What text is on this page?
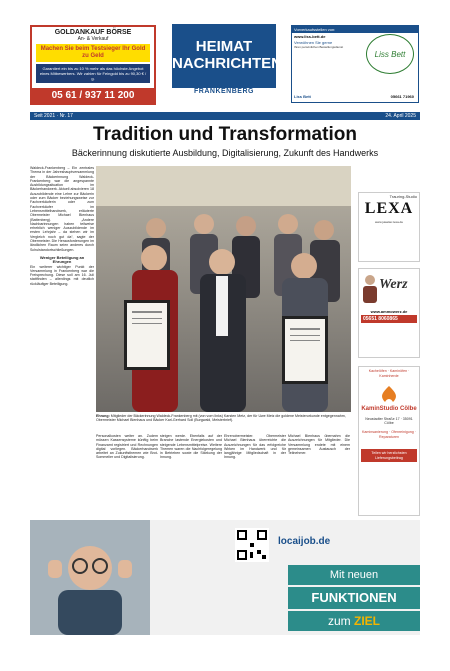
GOLDANKAUF BÖRSE
An- & Verkauf
Machen Sie beim Testsieger Ihr Gold zu Geld
Garantiert ein bis zu 10 % mehr als das höchste Angebot eines Mitbewerbers. Wir zahlen für Feingold bis zu 90,30 € / g.
05 61 / 937 11 200
HEIMAT
NACHRICHTEN
FRANKENBERG
Vorverkaufsstellen von:
www.liss-bett.de
Verwöhnen Sie gerne
Ihren persönlichen Bestellungsdienst
Liss Bett
Liss Bett	05661 71960
Seit 2021 · Nr. 17	24. April 2025
Tradition und Transformation
Bäckerinnung diskutierte Ausbildung, Digitalisierung, Zukunft des Handwerks

Waldeck-Frankenberg – Ein zentrales Thema in der Jahreshauptversammlung der Bäckerinnung Waldeck-Frankenberg war die angespannte Ausbildungssituation im Bäckerhandwerk. Aktuell absolvieren 18 Auszubildende eine Lehre zur Bäckerin oder zum Bäcker beziehungsweise zur Fachverkäuferin oder zum Fachverkäufer im Lebensmittelhandwerk, erläuterte Obermeister Michael Bienhaus (Battenberg). „Andere Nachbarinnungen haben teilweise erheblich weniger Auszubildende im ersten Lehrjahr – da stehen wir im Vergleich noch gut da“, sagte der Obermeister. Die Herausforderungen im ländlichen Raum seien anderes durch Schulstandortschließungen.

Weniger Beteiligung an Ehrungen

Ein weiterer wichtiger Punkt der Versammlung in Frankenberg war die Freisprechung. Diese soll am 16. Juli stattfinden – allerdings mit deutlich rückläufiger Beteiligung.

Ehrung: Mitglieder der Bäckerinnung Waldeck-Frankenberg mit (von vorn links) Karsten Metz, der für Uwe Metz die goldene Meisterurkunde entgegennahm, Obermeister Michael Bienhaus und Bäcker Karl-Gerhard Soll (Burgwald, Meisterbrief).
Personalkosten weiter an. Zudem müssen Kassensysteme künftig beim Finanzamt registriert und Rechnungen digital vorliegen. Bäckerhandwerk arbeitet an Zukunftsthemen wie Brot-Sommelier und Digitalisierung.
steigen werde. Ebenfalls auf der Branche lastende Energiekosten und steigende Lebensmittelpreise. Weitere Themen waren die Nachfolgeregelung in Betrieben sowie die Stärkung der Innung.
Ehrenobermeister. Obermeister Michael Bienhaus überreichte die Auszeichnungen für das erfolgreiche Wirken im Handwerk und für langjährige Mitgliedschaft in der Innung.
Michael Bienhaus übernahm die Auszeichnungen für Mitglieder. Die Versammlung endete mit einem gemeinsamen Austausch der Teilnehmer.
Trauring-Studio
LEXA
www.juwelier-lexa.de
Werz
www.ammowerz.de
05651 8060865
Kachelöfen · Kaminöfen · Kaminherde
KaminStudio Cölbe
Neustadter Straße 17 · 35091 Cölbe
Kaminsanierung · Ofenreinigung · Reparaturen
Teilen wir herzlichsten Lieferungsbeitrag
locaijob.de
Mit neuen
FUNKTIONEN
zum ZIEL
